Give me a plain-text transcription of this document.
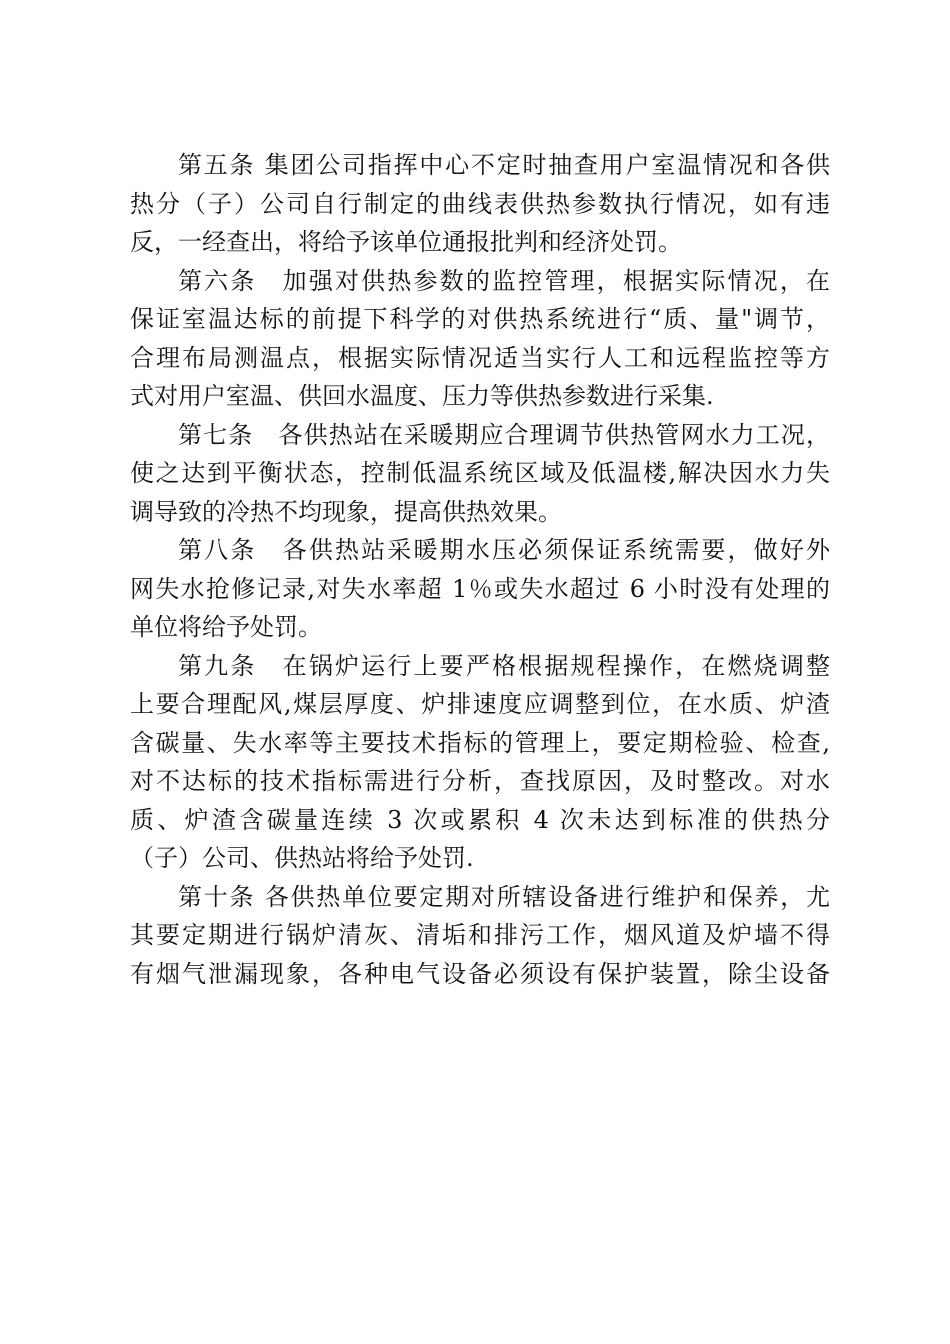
第五条 集团公司指挥中心不定时抽查用户室温情况和各供
热分（子）公司自行制定的曲线表供热参数执行情况，如有违
反，一经查出，将给予该单位通报批判和经济处罚。
第六条　加强对供热参数的监控管理，根据实际情况，在
保证室温达标的前提下科学的对供热系统进行“质、量"调节，
合理布局测温点，根据实际情况适当实行人工和远程监控等方
式对用户室温、供回水温度、压力等供热参数进行采集.
第七条　各供热站在采暖期应合理调节供热管网水力工况，
使之达到平衡状态，控制低温系统区域及低温楼,解决因水力失
调导致的冷热不均现象，提高供热效果。
第八条　各供热站采暖期水压必须保证系统需要，做好外
网失水抢修记录,对失水率超 1％或失水超过 6 小时没有处理的
单位将给予处罚。
第九条　在锅炉运行上要严格根据规程操作，在燃烧调整
上要合理配风,煤层厚度、炉排速度应调整到位，在水质、炉渣
含碳量、失水率等主要技术指标的管理上，要定期检验、检查,
对不达标的技术指标需进行分析，查找原因，及时整改。对水
质、炉渣含碳量连续 3 次或累积 4 次未达到标准的供热分
（子）公司、供热站将给予处罚.
第十条 各供热单位要定期对所辖设备进行维护和保养，尤
其要定期进行锅炉清灰、清垢和排污工作，烟风道及炉墙不得
有烟气泄漏现象，各种电气设备必须设有保护装置，除尘设备
